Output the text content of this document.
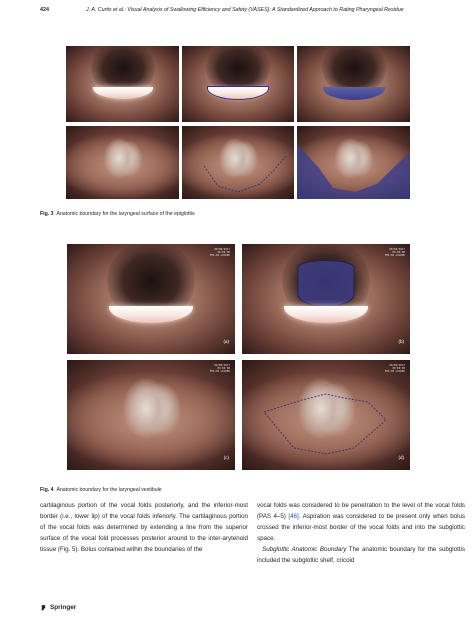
424	J. A. Curtis et al.: Visual Analysis of Swallowing Efficiency and Safety (VASES): A Standardized Approach to Rating Pharyngeal Residue
Fig. 3 Anatomic boundary for the laryngeal surface of the epiglottis
00/00/2017
00:00:00
FPS:30 LOCKED
(a)
00/00/2017
00:00:00
FPS:30 LOCKED
(b)
00/00/2017
00:00:00
FPS:30 LOCKED
(c)
00/00/2017
00:00:00
FPS:30 LOCKED
(d)
Fig. 4 Anatomic boundary for the laryngeal vestibule

cartilaginous portion of the vocal folds posteriorly, and the inferior-most border (i.e., lower lip) of the vocal folds inferiorly. The cartilaginous portion of the vocal folds was determined by extending a line from the superior surface of the vocal fold processes posterior around to the inter-arytenoid tissue (Fig. 5). Bolus contained within the boundaries of the

vocal folds was considered to be penetration to the level of the vocal folds (PAS 4–5) [46]. Aspiration was considered to be present only when bolus crossed the inferior-most border of the vocal folds and into the subglottic space.
Subglottic Anatomic Boundary The anatomic boundary for the subglottis included the subglottic shelf, cricoid

Springer
